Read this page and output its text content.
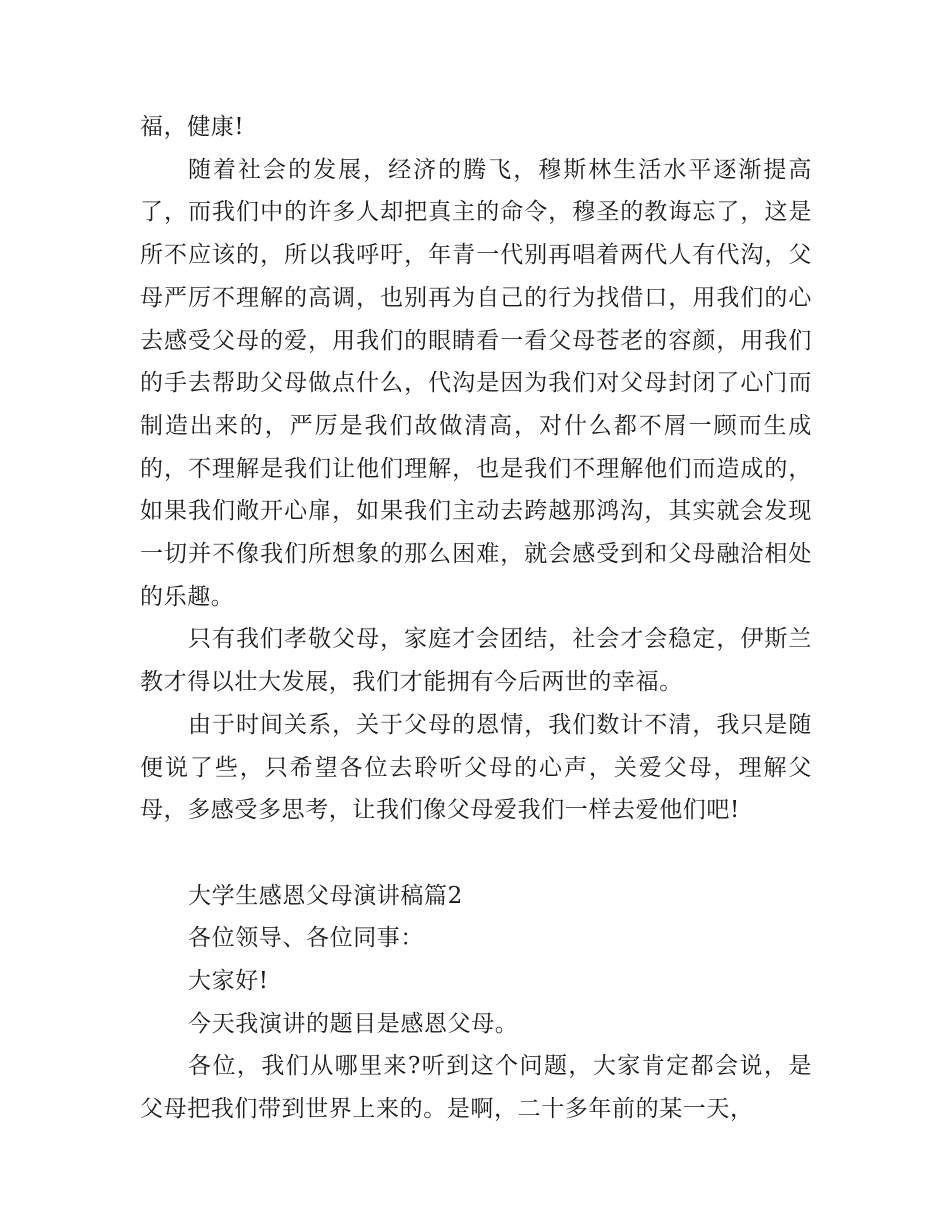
福，健康!

随着社会的发展，经济的腾飞，穆斯林生活水平逐渐提高了，而我们中的许多人却把真主的命令，穆圣的教诲忘了，这是所不应该的，所以我呼吁，年青一代别再唱着两代人有代沟，父母严厉不理解的高调，也别再为自己的行为找借口，用我们的心去感受父母的爱，用我们的眼睛看一看父母苍老的容颜，用我们的手去帮助父母做点什么，代沟是因为我们对父母封闭了心门而制造出来的，严厉是我们故做清高，对什么都不屑一顾而生成的，不理解是我们让他们理解，也是我们不理解他们而造成的，如果我们敞开心扉，如果我们主动去跨越那鸿沟，其实就会发现一切并不像我们所想象的那么困难，就会感受到和父母融洽相处的乐趣。

只有我们孝敬父母，家庭才会团结，社会才会稳定，伊斯兰教才得以壮大发展，我们才能拥有今后两世的幸福。

由于时间关系，关于父母的恩情，我们数计不清，我只是随便说了些，只希望各位去聆听父母的心声，关爱父母，理解父母，多感受多思考，让我们像父母爱我们一样去爱他们吧!

大学生感恩父母演讲稿篇2

各位领导、各位同事：

大家好!

今天我演讲的题目是感恩父母。

各位，我们从哪里来?听到这个问题，大家肯定都会说，是父母把我们带到世界上来的。是啊，二十多年前的某一天，
